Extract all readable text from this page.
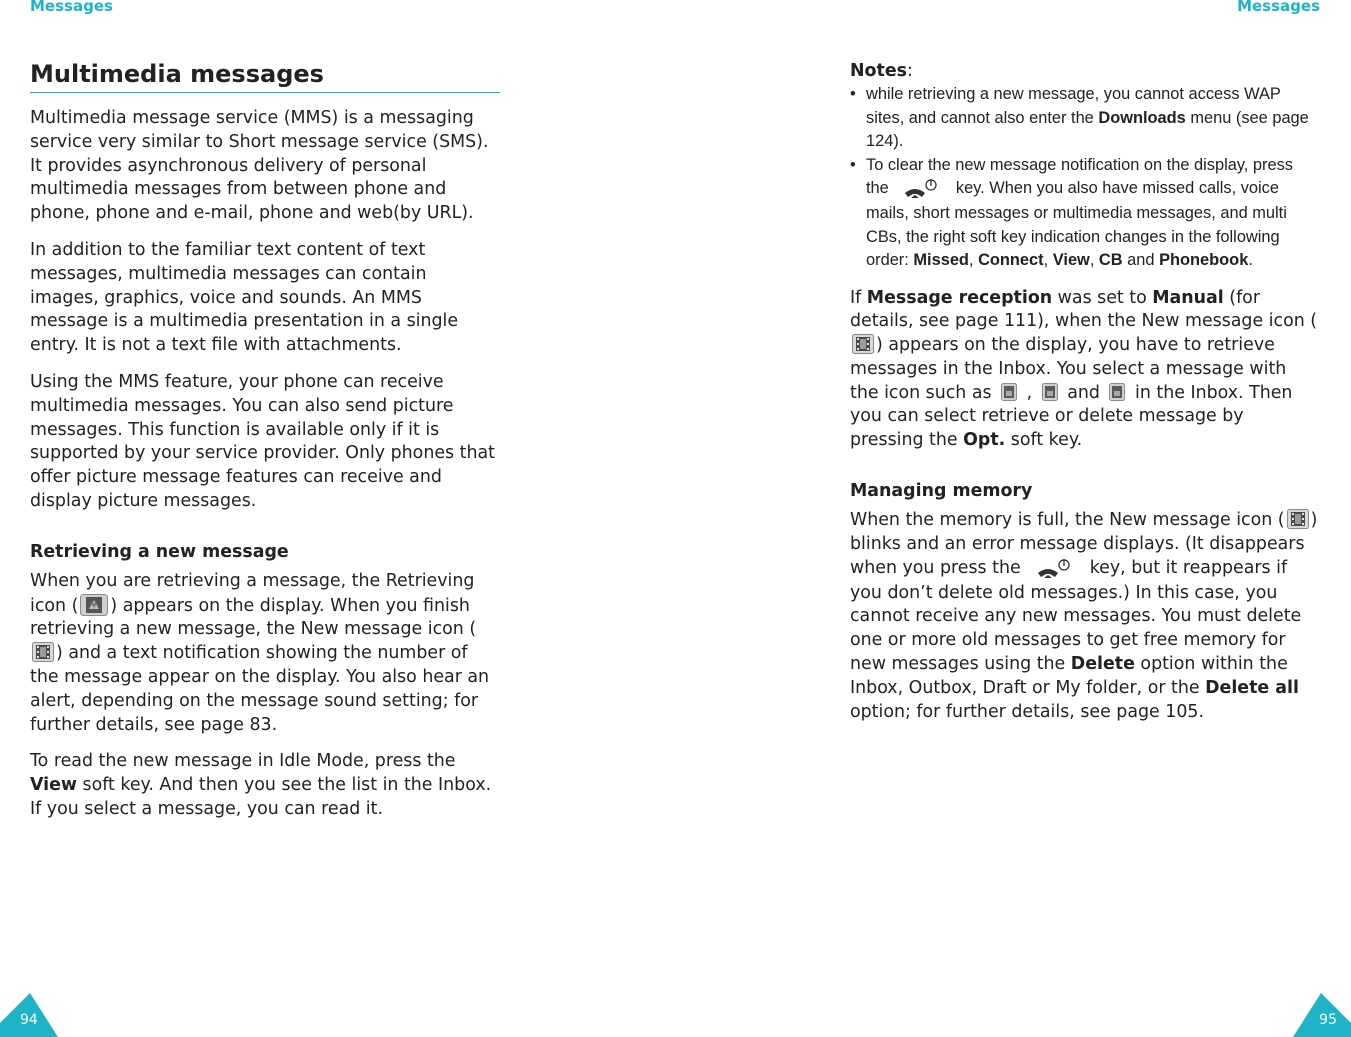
Messages
Multimedia messages

Multimedia message service (MMS) is a messaging service very similar to Short message service (SMS). It provides asynchronous delivery of personal multimedia messages from between phone and phone, phone and e-mail, phone and web(by URL).

In addition to the familiar text content of text messages, multimedia messages can contain images, graphics, voice and sounds. An MMS message is a multimedia presentation in a single entry. It is not a text file with attachments.

Using the MMS feature, your phone can receive multimedia messages. You can also send picture messages. This function is available only if it is supported by your service provider. Only phones that offer picture message features can receive and display picture messages.

Retrieving a new message

When you are retrieving a message, the Retrieving icon ( ) appears on the display. When you finish retrieving a new message, the New message icon () and a text notification showing the number of the message appear on the display. You also hear an alert, depending on the message sound setting; for further details, see page 83.

To read the new message in Idle Mode, press the View soft key. And then you see the list in the Inbox. If you select a message, you can read it.

94
Messages
Notes:
• while retrieving a new message, you cannot access WAP sites, and cannot also enter the Downloads menu (see page 124).
• To clear the new message notification on the display, press the	key. When you also have missed calls, voice mails, short messages or multimedia messages, and multi CBs, the right soft key indication changes in the following order: Missed, Connect, View, CB and Phonebook.

If Message reception was set to Manual (for details, see page 111), when the New message icon () appears on the display, you have to retrieve messages in the Inbox. You select a message with the icon such as  ,  and  in the Inbox. Then you can select retrieve or delete message by pressing the Opt. soft key.

Managing memory

When the memory is full, the New message icon ( ) blinks and an error message displays. (It disappears when you press the	key, but it reappears if you don’t delete old messages.) In this case, you cannot receive any new messages. You must delete one or more old messages to get free memory for new messages using the Delete option within the Inbox, Outbox, Draft or My folder, or the Delete all option; for further details, see page 105.

95
